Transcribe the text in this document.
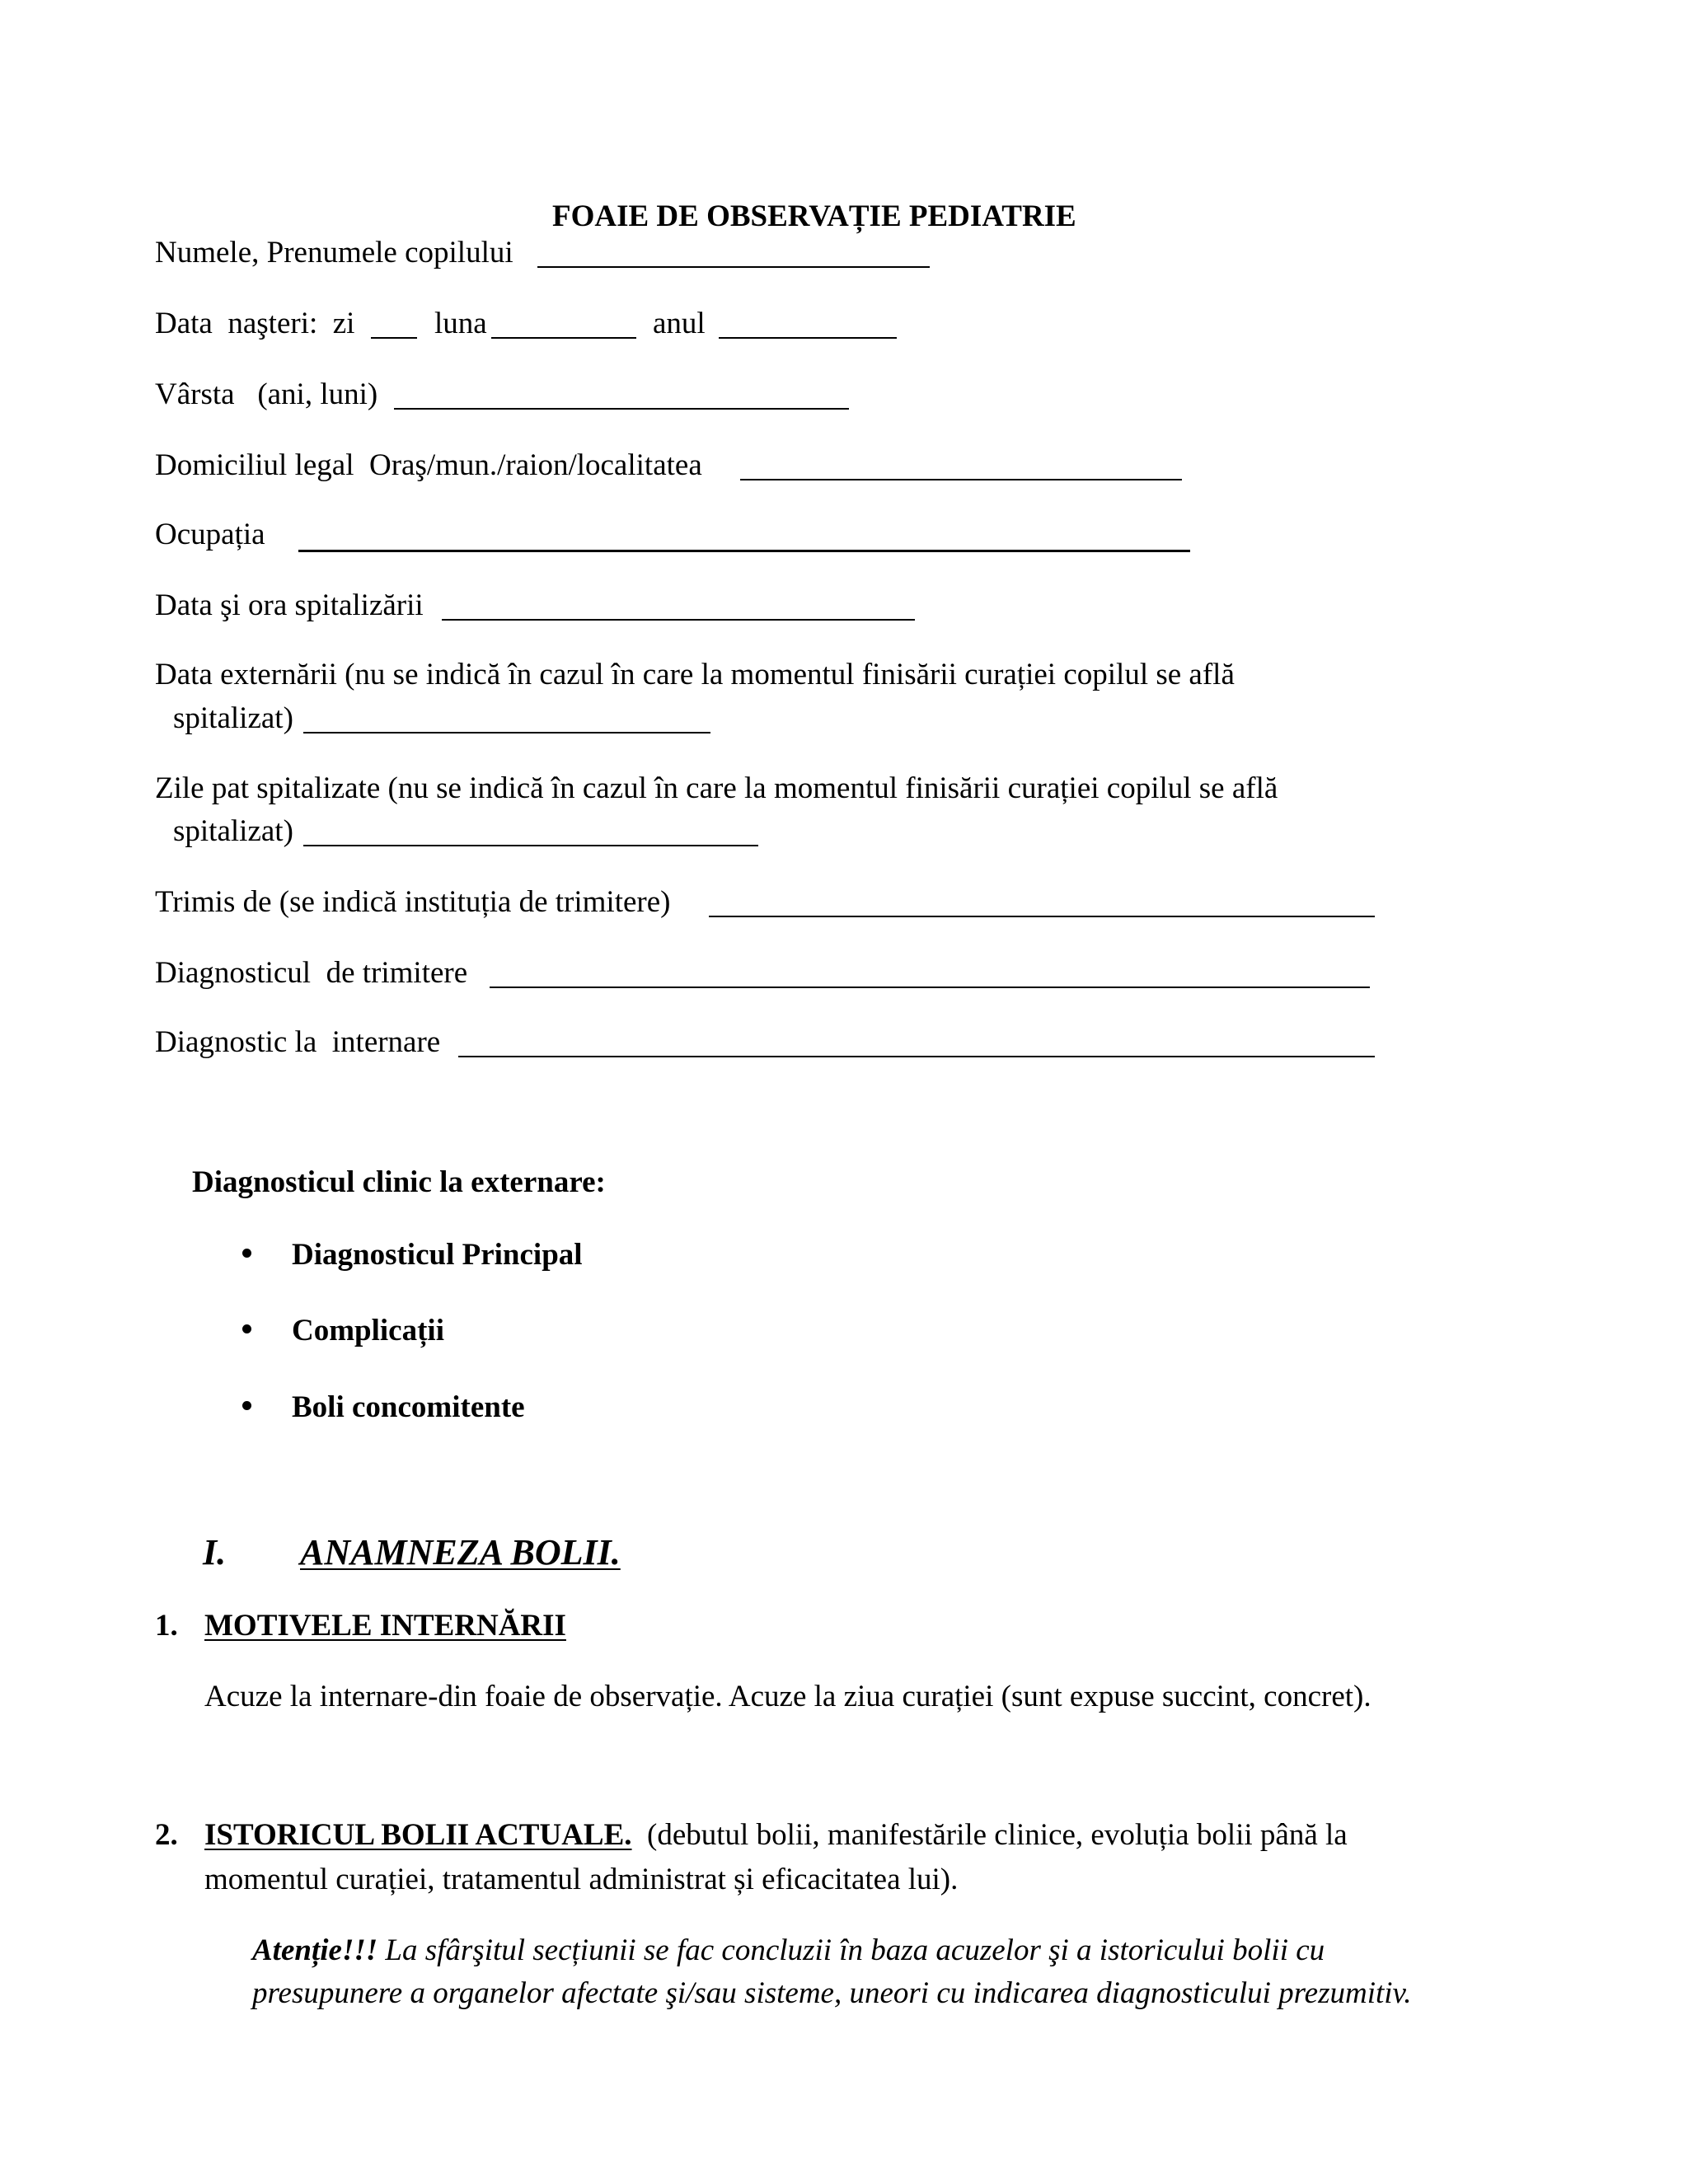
FOAIE DE OBSERVAȚIE PEDIATRIE
Numele, Prenumele copilului
Data  naşteri:  zi	luna	anul
Vârsta   (ani, luni)
Domiciliul legal  Oraş/mun./raion/localitatea
Ocupația
Data şi ora spitalizării
Data externării (nu se indică în cazul în care la momentul finisării curației copilul se află
spitalizat)
Zile pat spitalizate (nu se indică în cazul în care la momentul finisării curației copilul se află
spitalizat)
Trimis de (se indică instituția de trimitere)
Diagnosticul  de trimitere
Diagnostic la  internare
Diagnosticul clinic la externare:
Diagnosticul Principal
Complicații
Boli concomitente
I. ANAMNEZA BOLII.
1. MOTIVELE INTERNĂRII
Acuze la internare-din foaie de observație. Acuze la ziua curației (sunt expuse succint, concret).
2. ISTORICUL BOLII ACTUALE.  (debutul bolii, manifestările clinice, evoluția bolii până la
momentul curației, tratamentul administrat și eficacitatea lui).
Atenție!!! La sfârşitul secțiunii se fac concluzii în baza acuzelor şi a istoricului bolii cu
presupunere a organelor afectate şi/sau sisteme, uneori cu indicarea diagnosticului prezumitiv.
